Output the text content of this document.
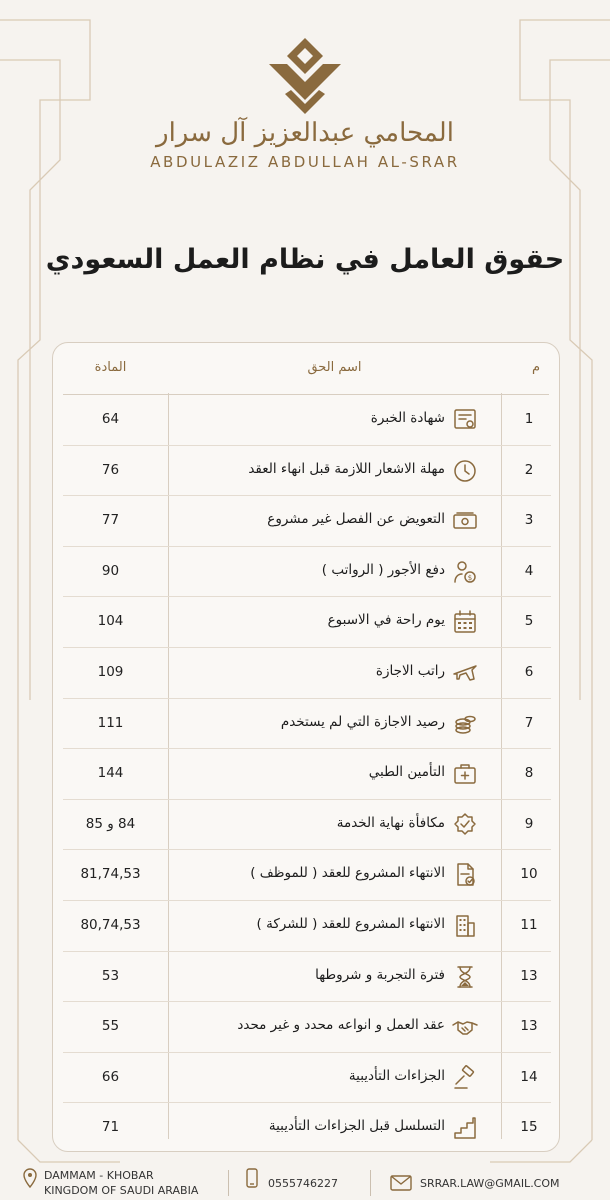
المحامي عبدالعزيز آل سرار
ABDULAZIZ ABDULLAH AL-SRAR
حقوق العامل في نظام العمل السعودي
م
اسم الحق
المادة
1
شهادة الخبرة
64
2
مهلة الاشعار اللازمة قبل انهاء العقد
76
3
التعويض عن الفصل غير مشروع
77
4
$
دفع الأجور ( الرواتب )
90
5
يوم راحة في الاسبوع
104
6
راتب الاجازة
109
7
رصيد الاجازة التي لم يستخدم
111
8
التأمين الطبي
144
9
مكافأة نهاية الخدمة
84 و 85
10
الانتهاء المشروع للعقد ( للموظف )
81,74,53
11
الانتهاء المشروع للعقد ( للشركة )
80,74,53
13
فترة التجربة و شروطها
53
13
عقد العمل و انواعه محدد و غير محدد
55
14
الجزاءات التأديبية
66
15
التسلسل قبل الجزاءات التأديبية
71
DAMMAM - KHOBAR
KINGDOM OF SAUDI ARABIA
0555746227	SRRAR.LAW@GMAIL.COM
